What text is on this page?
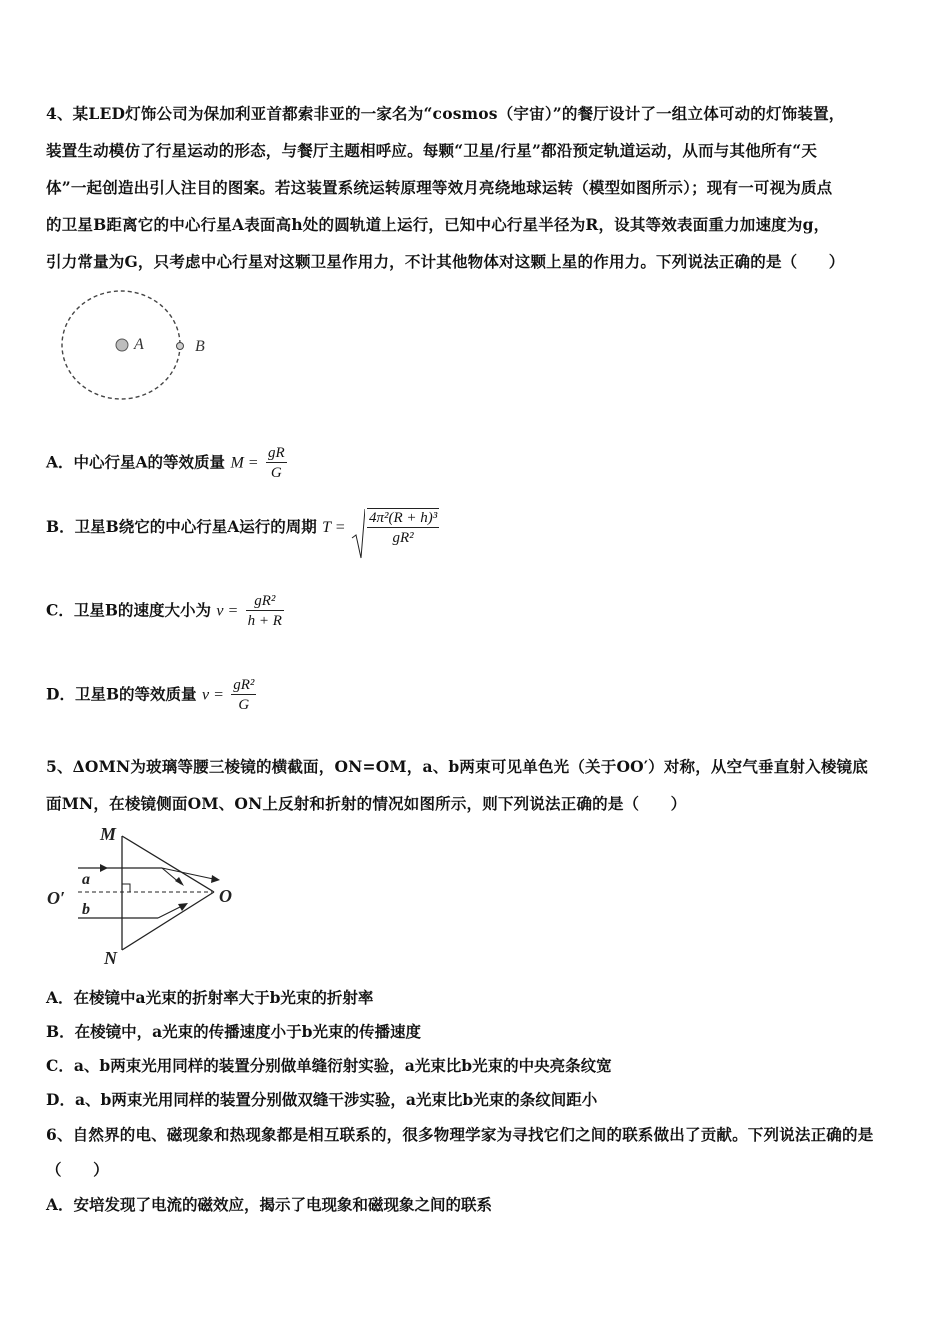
4、某LED灯饰公司为保加利亚首都索非亚的一家名为“cosmos（宇宙）”的餐厅设计了一组立体可动的灯饰装置，
装置生动模仿了行星运动的形态，与餐厅主题相呼应。每颗“卫星/行星”都沿预定轨道运动，从而与其他所有“天
体”一起创造出引人注目的图案。若这装置系统运转原理等效月亮绕地球运转（模型如图所示）；现有一可视为质点
的卫星B距离它的中心行星A表面高h处的圆轨道上运行，已知中心行星半径为R，设其等效表面重力加速度为g，
引力常量为G，只考虑中心行星对这颗卫星作用力，不计其他物体对这颗上星的作用力。下列说法正确的是（　　）
A	B
A．中心行星A的等效质量 $M = \frac{gR}{G}$
B．卫星B绕它的中心行星A运行的周期 $T = \frac{\text{4π²(R + h)³}}{\text{gR²}}$
C．卫星B的速度大小为 $v = \frac{\text{gR²}}{h + R}$
D．卫星B的等效质量 $v = \frac{\text{gR²}}{G}$
5、ΔOMN为玻璃等腰三棱镜的横截面，ON=OM，a、b两束可见单色光（关于OO′）对称，从空气垂直射入棱镜底
面MN，在棱镜侧面OM、ON上反射和折射的情况如图所示，则下列说法正确的是（　　）
M
N
O
O′
a
b
A．在棱镜中a光束的折射率大于b光束的折射率
B．在棱镜中，a光束的传播速度小于b光束的传播速度
C．a、b两束光用同样的装置分别做单缝衍射实验，a光束比b光束的中央亮条纹宽
D．a、b两束光用同样的装置分别做双缝干涉实验，a光束比b光束的条纹间距小
6、自然界的电、磁现象和热现象都是相互联系的，很多物理学家为寻找它们之间的联系做出了贡献。下列说法正确的是
（　　）
A．安培发现了电流的磁效应，揭示了电现象和磁现象之间的联系
